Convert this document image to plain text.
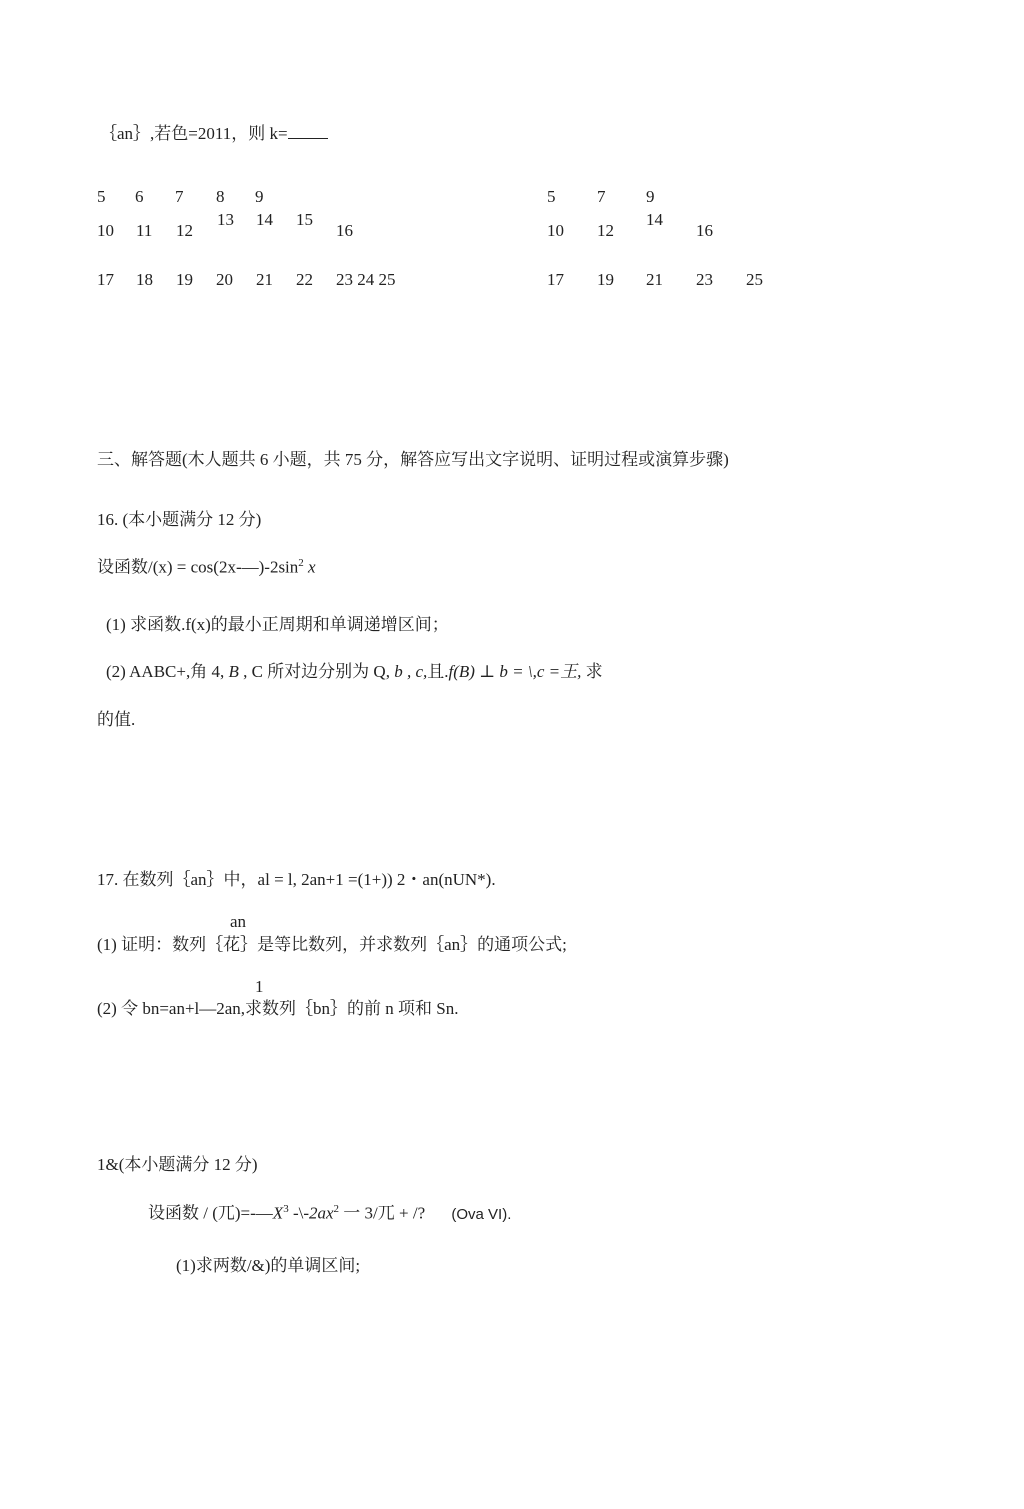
｛an｝,若色=2011，则 k=
5 6 7 8 9
10 11 12
13 14 15
16
17 18 19 20 21 22 23 24 25
5 7 9
10 12
14
16
17 19 21 23 25
三、解答题(木人题共 6 小题，共 75 分，解答应写出文字说明、证明过程或演算步骤)
16. (本小题满分 12 分)
设函数$/(x) = \cos(2x-—)-2\sin^2$ x
(1) 求函数.f(x)的最小正周期和单调递增区间；
(2) AABC+,角 4, B , C 所对边分别为 Q, b , c,且.f(B) ⊥ b = \,c =王, 求
的值.
17. 在数列｛an｝中，al = l, 2an+1 =(1+)) 2・an(nUN*).
an
(1) 证明：数列｛花｝是等比数列，并求数列｛an｝的通项公式;
1
(2) 令 bn=an+l—2an,求数列｛bn｝的前 n 项和 Sn.
1&(本小题满分 12 分)
设函数 / (兀)$=-—X^3$ $-\backslash-2ax^2$ 一 3/兀 + /? (Ova VI).
(1)求两数/&)的单调区间;
